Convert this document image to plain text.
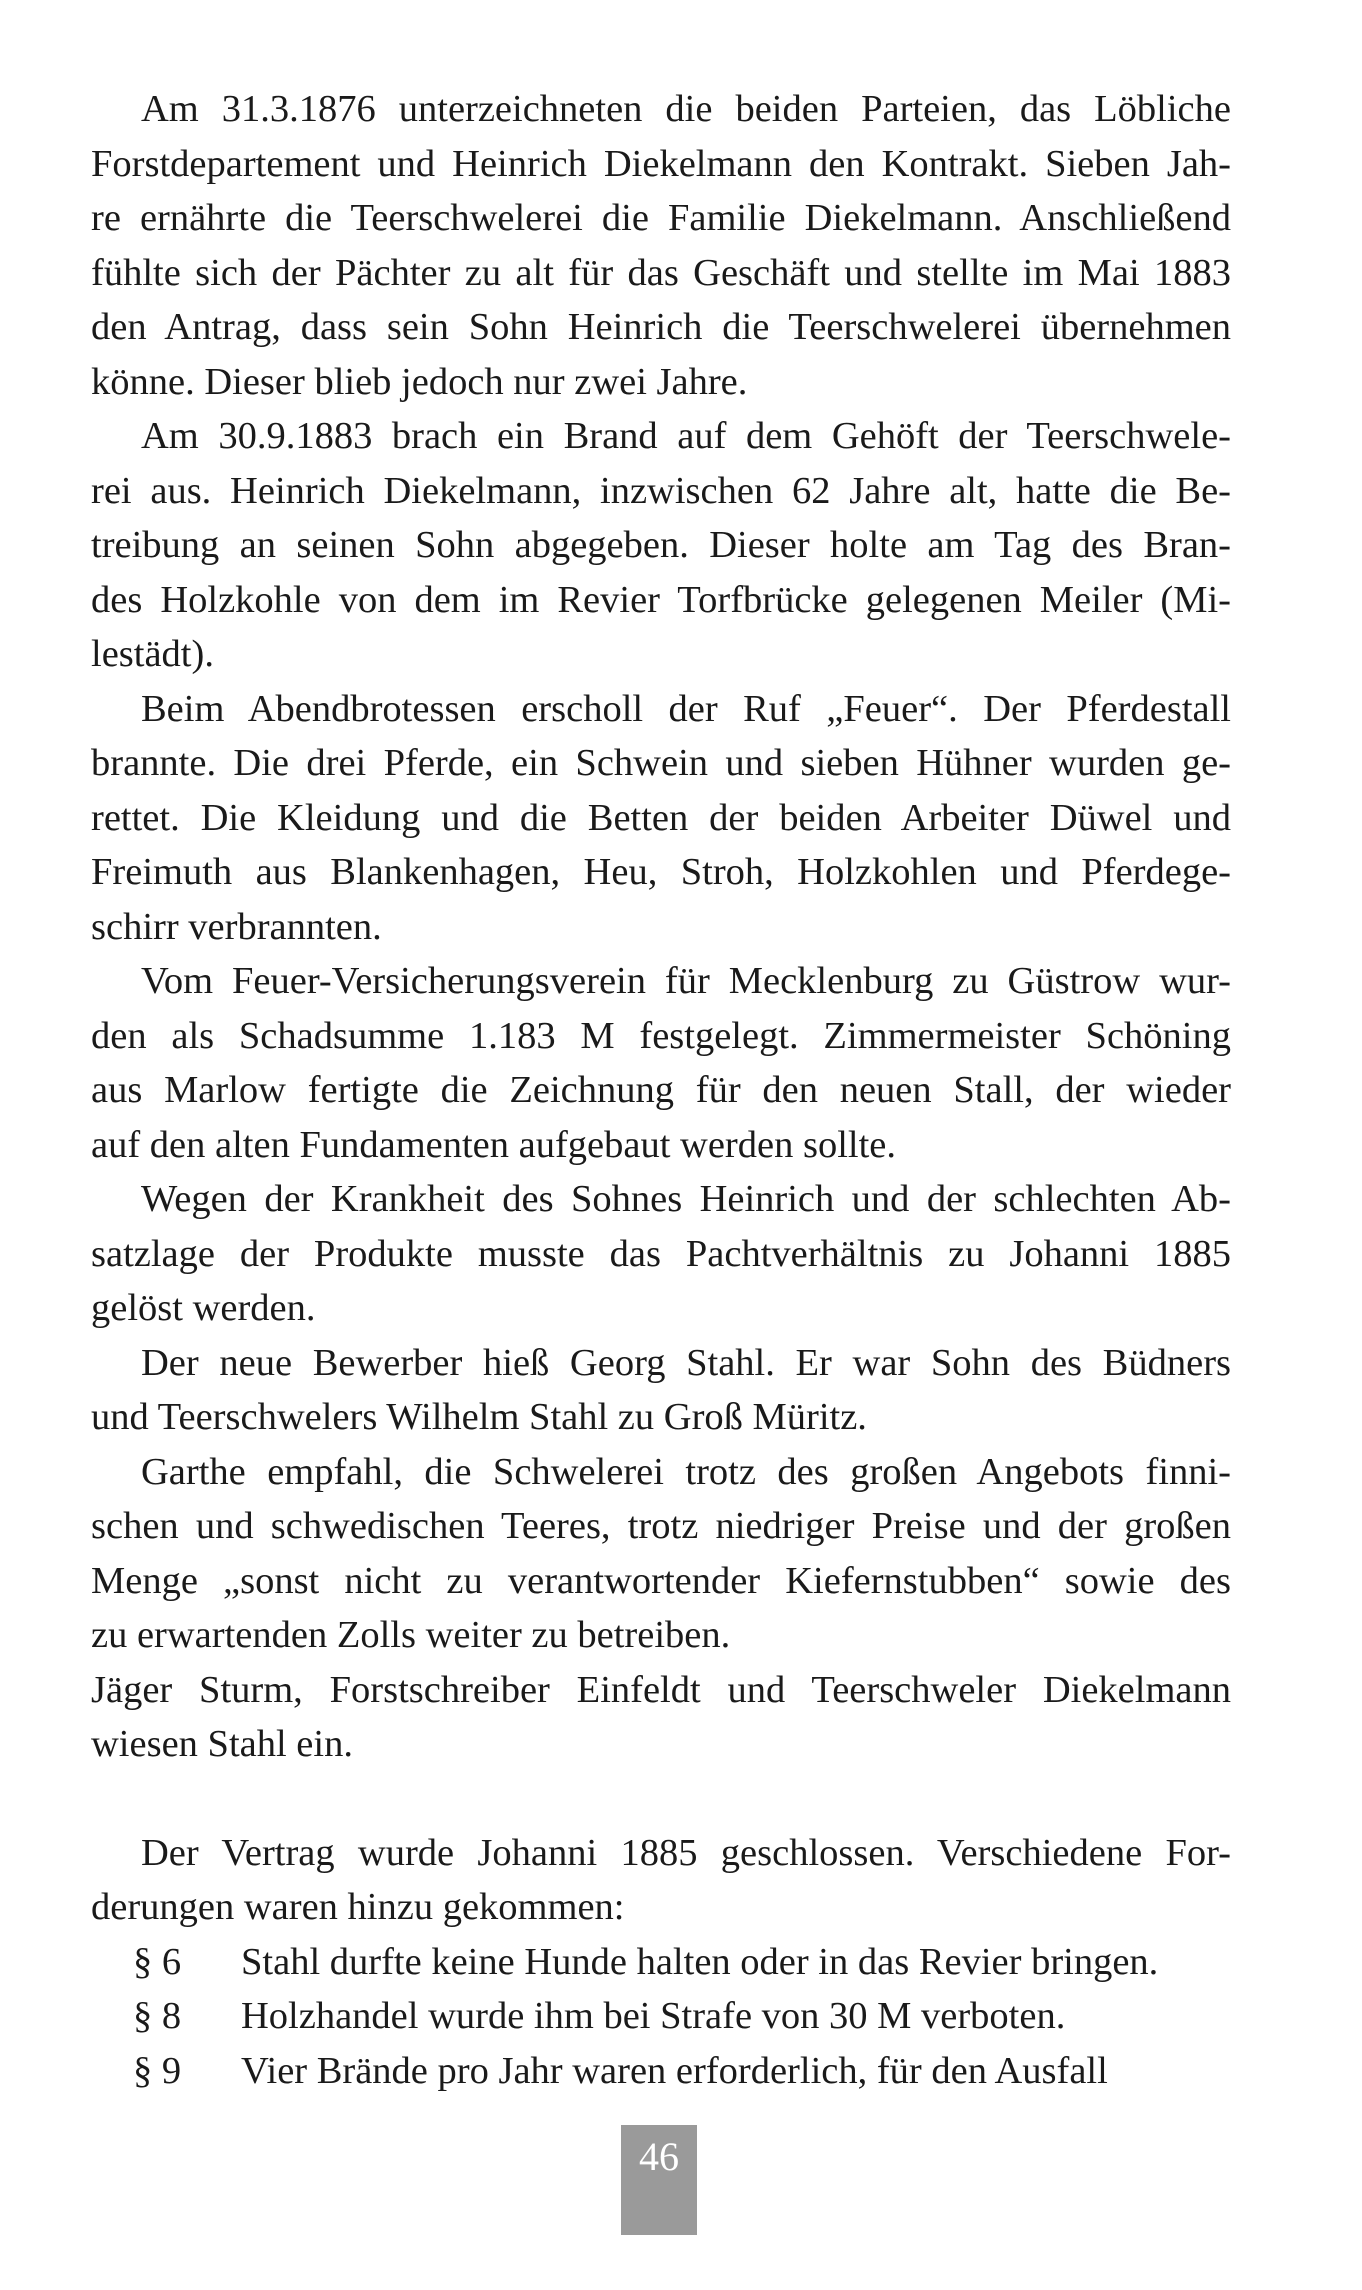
Am 31.3.1876 unterzeichneten die beiden Parteien, das Löbliche
Forstdepartement und Heinrich Diekelmann den Kontrakt. Sieben Jah-
re ernährte die Teerschwelerei die Familie Diekelmann. Anschließend
fühlte sich der Pächter zu alt für das Geschäft und stellte im Mai 1883
den Antrag, dass sein Sohn Heinrich die Teerschwelerei übernehmen
könne. Dieser blieb jedoch nur zwei Jahre.
Am 30.9.1883 brach ein Brand auf dem Gehöft der Teerschwele-
rei aus. Heinrich Diekelmann, inzwischen 62 Jahre alt, hatte die Be-
treibung an seinen Sohn abgegeben. Dieser holte am Tag des Bran-
des Holzkohle von dem im Revier Torfbrücke gelegenen Meiler (Mi-
lestädt).
Beim Abendbrotessen erscholl der Ruf „Feuer“. Der Pferdestall
brannte. Die drei Pferde, ein Schwein und sieben Hühner wurden ge-
rettet. Die Kleidung und die Betten der beiden Arbeiter Düwel und
Freimuth aus Blankenhagen, Heu, Stroh, Holzkohlen und Pferdege-
schirr verbrannten.
Vom Feuer-Versicherungsverein für Mecklenburg zu Güstrow wur-
den als Schadsumme 1.183 M festgelegt. Zimmermeister Schöning
aus Marlow fertigte die Zeichnung für den neuen Stall, der wieder
auf den alten Fundamenten aufgebaut werden sollte.
Wegen der Krankheit des Sohnes Heinrich und der schlechten Ab-
satzlage der Produkte musste das Pachtverhältnis zu Johanni 1885
gelöst werden.
Der neue Bewerber hieß Georg Stahl. Er war Sohn des Büdners
und Teerschwelers Wilhelm Stahl zu Groß Müritz.
Garthe empfahl, die Schwelerei trotz des großen Angebots finni-
schen und schwedischen Teeres, trotz niedriger Preise und der großen
Menge „sonst nicht zu verantwortender Kiefernstubben“ sowie des
zu erwartenden Zolls weiter zu betreiben.
Jäger Sturm, Forstschreiber Einfeldt und Teerschweler Diekelmann
wiesen Stahl ein.
Der Vertrag wurde Johanni 1885 geschlossen. Verschiedene For-
derungen waren hinzu gekommen:
§ 6	Stahl durfte keine Hunde halten oder in das Revier bringen.
§ 8	Holzhandel wurde ihm bei Strafe von 30 M verboten.
§ 9	Vier Brände pro Jahr waren erforderlich, für den Ausfall
46
